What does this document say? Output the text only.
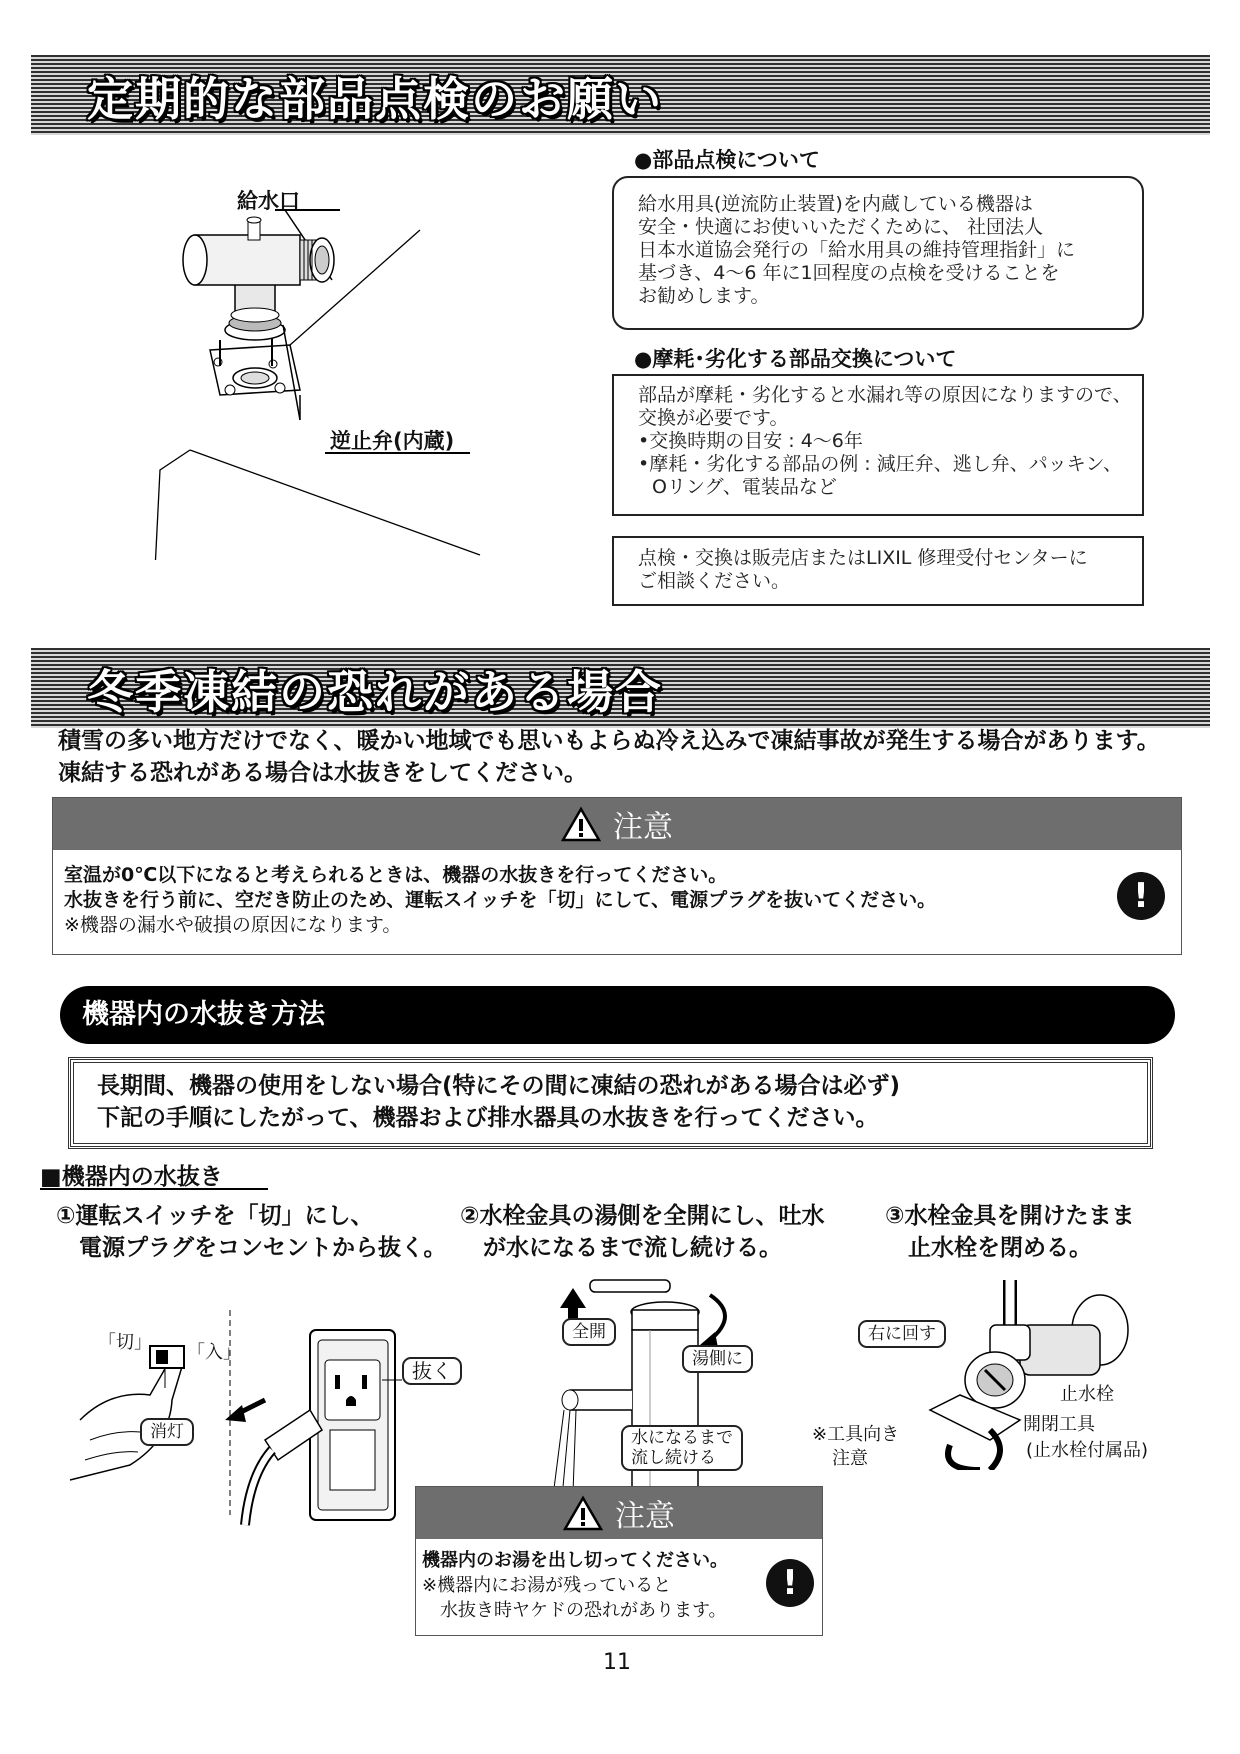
定期的な部品点検のお願い
給水口
逆止弁(内蔵)
●部品点検について
給水用具(逆流防止装置)を内蔵している機器は
安全・快適にお使いいただくために、 社団法人
日本水道協会発行の「給水用具の維持管理指針」に
基づき、4〜6 年に1回程度の点検を受けることを
お勧めします。
●摩耗･劣化する部品交換について
部品が摩耗・劣化すると水漏れ等の原因になりますので、
交換が必要です。
•交換時期の目安 : 4〜6年
•摩耗・劣化する部品の例 : 減圧弁、逃し弁、パッキン、
Oリング、電装品など
点検・交換は販売店またはLIXIL 修理受付センターに
ご相談ください。
冬季凍結の恐れがある場合
積雪の多い地方だけでなく、暖かい地域でも思いもよらぬ冷え込みで凍結事故が発生する場合があります。
凍結する恐れがある場合は水抜きをしてください。
注意
室温が0℃以下になると考えられるときは、機器の水抜きを行ってください。
水抜きを行う前に、空だき防止のため、運転スイッチを「切」にして、電源プラグを抜いてください。
※機器の漏水や破損の原因になります。
!
機器内の水抜き方法
長期間、機器の使用をしない場合(特にその間に凍結の恐れがある場合は必ず)
下記の手順にしたがって、機器および排水器具の水抜きを行ってください。
■機器内の水抜き
①運転スイッチを「切」にし、
　電源プラグをコンセントから抜く。
②水栓金具の湯側を全開にし、吐水
　が水になるまで流し続ける。
③水栓金具を開けたまま
　止水栓を閉める。
「切」 「入」
消灯
抜く
全開
湯側に
水になるまで
流し続ける
右に回す
止水栓
開閉工具
(止水栓付属品)
※工具向き
注意
注意
機器内のお湯を出し切ってください。
※機器内にお湯が残っていると
　水抜き時ヤケドの恐れがあります。
!
11
